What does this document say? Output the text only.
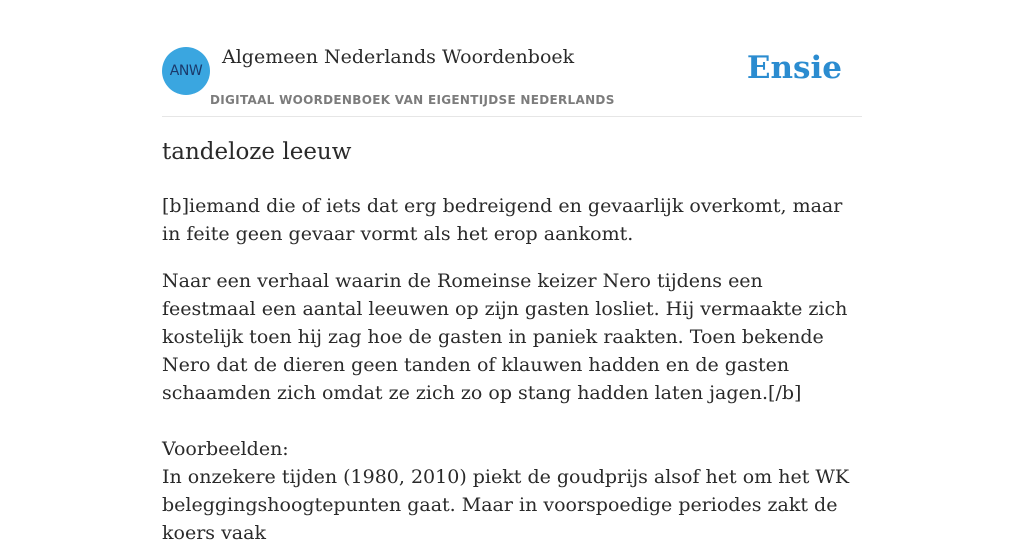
ANW
Algemeen Nederlands Woordenboek
DIGITAAL WOORDENBOEK VAN EIGENTIJDSE NEDERLANDS
Ensie
tandeloze leeuw

[b]iemand die of iets dat erg bedreigend en gevaarlijk overkomt, maar in feite geen gevaar vormt als het erop aankomt.

Naar een verhaal waarin de Romeinse keizer Nero tijdens een feestmaal een aantal leeuwen op zijn gasten losliet. Hij vermaakte zich kostelijk toen hij zag hoe de gasten in paniek raakten. Toen bekende Nero dat de dieren geen tanden of klauwen hadden en de gasten schaamden zich omdat ze zich zo op stang hadden laten jagen.[/b]

Voorbeelden:
In onzekere tijden (1980, 2010) piekt de goudprijs alsof het om het WK beleggingshoogtepunten gaat. Maar in voorspoedige periodes zakt de koers vaak
